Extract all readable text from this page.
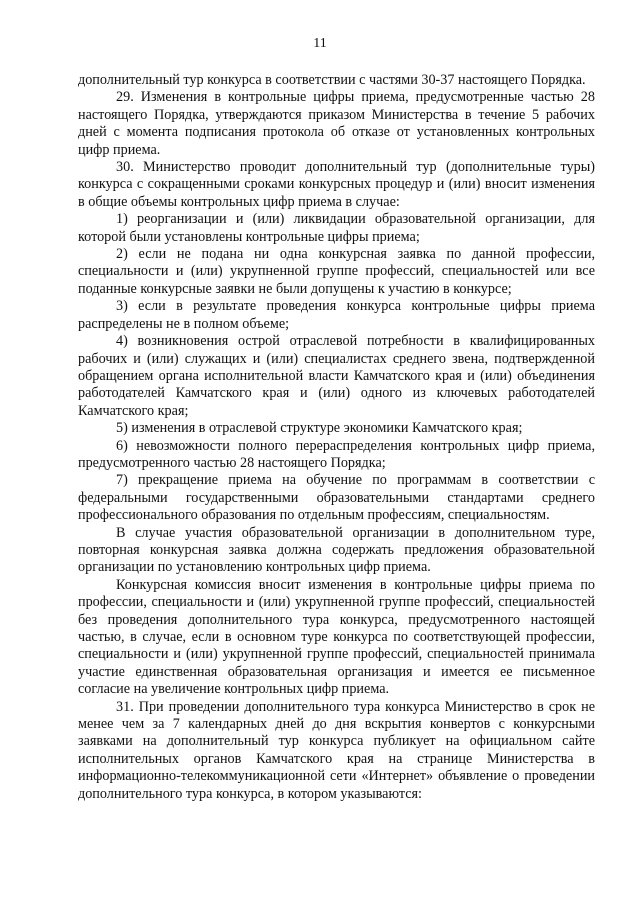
11

дополнительный тур конкурса в соответствии с частями 30-37 настоящего Порядка.

29. Изменения в контрольные цифры приема, предусмотренные частью 28 настоящего Порядка, утверждаются приказом Министерства в течение 5 рабочих дней с момента подписания протокола об отказе от установленных контрольных цифр приема.

30. Министерство проводит дополнительный тур (дополнительные туры) конкурса с сокращенными сроками конкурсных процедур и (или) вносит изменения в общие объемы контрольных цифр приема в случае:

1) реорганизации и (или) ликвидации образовательной организации, для которой были установлены контрольные цифры приема;

2) если не подана ни одна конкурсная заявка по данной профессии, специальности и (или) укрупненной группе профессий, специальностей или все поданные конкурсные заявки не были допущены к участию в конкурсе;

3) если в результате проведения конкурса контрольные цифры приема распределены не в полном объеме;

4) возникновения острой отраслевой потребности в квалифицированных рабочих и (или) служащих и (или) специалистах среднего звена, подтвержденной обращением органа исполнительной власти Камчатского края и (или) объединения работодателей Камчатского края и (или) одного из ключевых работодателей Камчатского края;

5) изменения в отраслевой структуре экономики Камчатского края;

6) невозможности полного перераспределения контрольных цифр приема, предусмотренного частью 28 настоящего Порядка;

7) прекращение приема на обучение по программам в соответствии с федеральными государственными образовательными стандартами среднего профессионального образования по отдельным профессиям, специальностям.

В случае участия образовательной организации в дополнительном туре, повторная конкурсная заявка должна содержать предложения образовательной организации по установлению контрольных цифр приема.

Конкурсная комиссия вносит изменения в контрольные цифры приема по профессии, специальности и (или) укрупненной группе профессий, специальностей без проведения дополнительного тура конкурса, предусмотренного настоящей частью, в случае, если в основном туре конкурса по соответствующей профессии, специальности и (или) укрупненной группе профессий, специальностей принимала участие единственная образовательная организация и имеется ее письменное согласие на увеличение контрольных цифр приема.

31. При проведении дополнительного тура конкурса Министерство в срок не менее чем за 7 календарных дней до дня вскрытия конвертов с конкурсными заявками на дополнительный тур конкурса публикует на официальном сайте исполнительных органов Камчатского края на странице Министерства в информационно-телекоммуникационной сети «Интернет» объявление о проведении дополнительного тура конкурса, в котором указываются:
